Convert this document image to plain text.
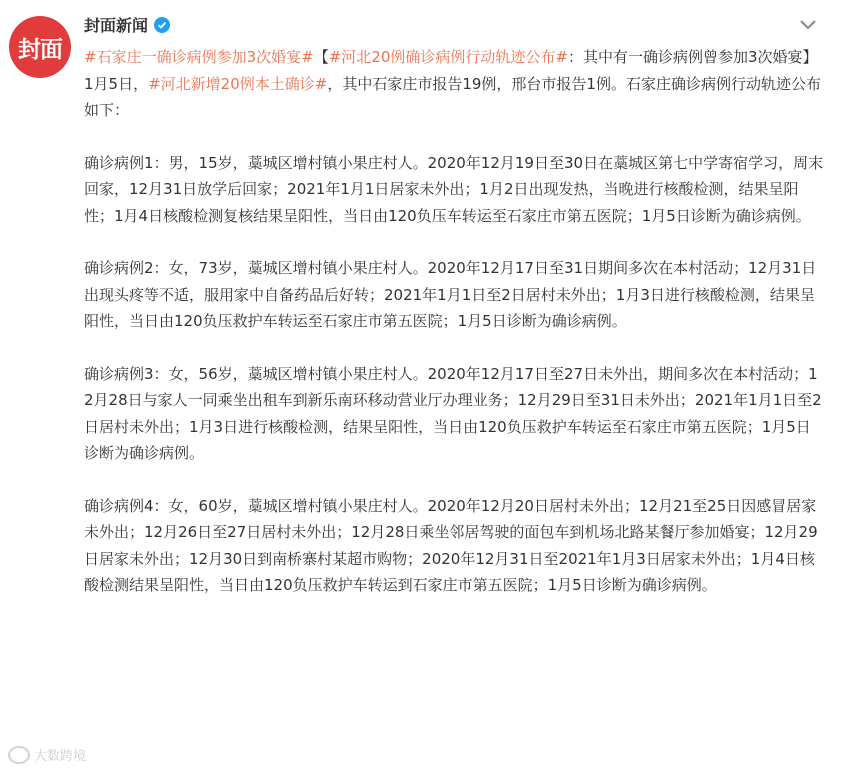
封面
封面新闻

#石家庄一确诊病例参加3次婚宴#【#河北20例确诊病例行动轨迹公布#：其中有一确诊病例曾参加3次婚宴】1月5日，#河北新增20例本土确诊#，其中石家庄市报告19例，邢台市报告1例。石家庄确诊病例行动轨迹公布如下：

确诊病例1：男，15岁，藁城区增村镇小果庄村人。2020年12月19日至30日在藁城区第七中学寄宿学习，周末回家，12月31日放学后回家；2021年1月1日居家未外出；1月2日出现发热，当晚进行核酸检测，结果呈阳性；1月4日核酸检测复核结果呈阳性，当日由120负压车转运至石家庄市第五医院；1月5日诊断为确诊病例。

确诊病例2：女，73岁，藁城区增村镇小果庄村人。2020年12月17日至31日期间多次在本村活动；12月31日出现头疼等不适，服用家中自备药品后好转；2021年1月1日至2日居村未外出；1月3日进行核酸检测，结果呈阳性，当日由120负压救护车转运至石家庄市第五医院；1月5日诊断为确诊病例。

确诊病例3：女，56岁，藁城区增村镇小果庄村人。2020年12月17日至27日未外出，期间多次在本村活动；12月28日与家人一同乘坐出租车到新乐南环移动营业厅办理业务；12月29日至31日未外出；2021年1月1日至2日居村未外出；1月3日进行核酸检测，结果呈阳性，当日由120负压救护车转运至石家庄市第五医院；1月5日诊断为确诊病例。

确诊病例4：女，60岁，藁城区增村镇小果庄村人。2020年12月20日居村未外出；12月21至25日因感冒居家未外出；12月26日至27日居村未外出；12月28日乘坐邻居驾驶的面包车到机场北路某餐厅参加婚宴；12月29日居家未外出；12月30日到南桥寨村某超市购物；2020年12月31日至2021年1月3日居家未外出；1月4日核酸检测结果呈阳性，当日由120负压救护车转运到石家庄市第五医院；1月5日诊断为确诊病例。

大数跨境
